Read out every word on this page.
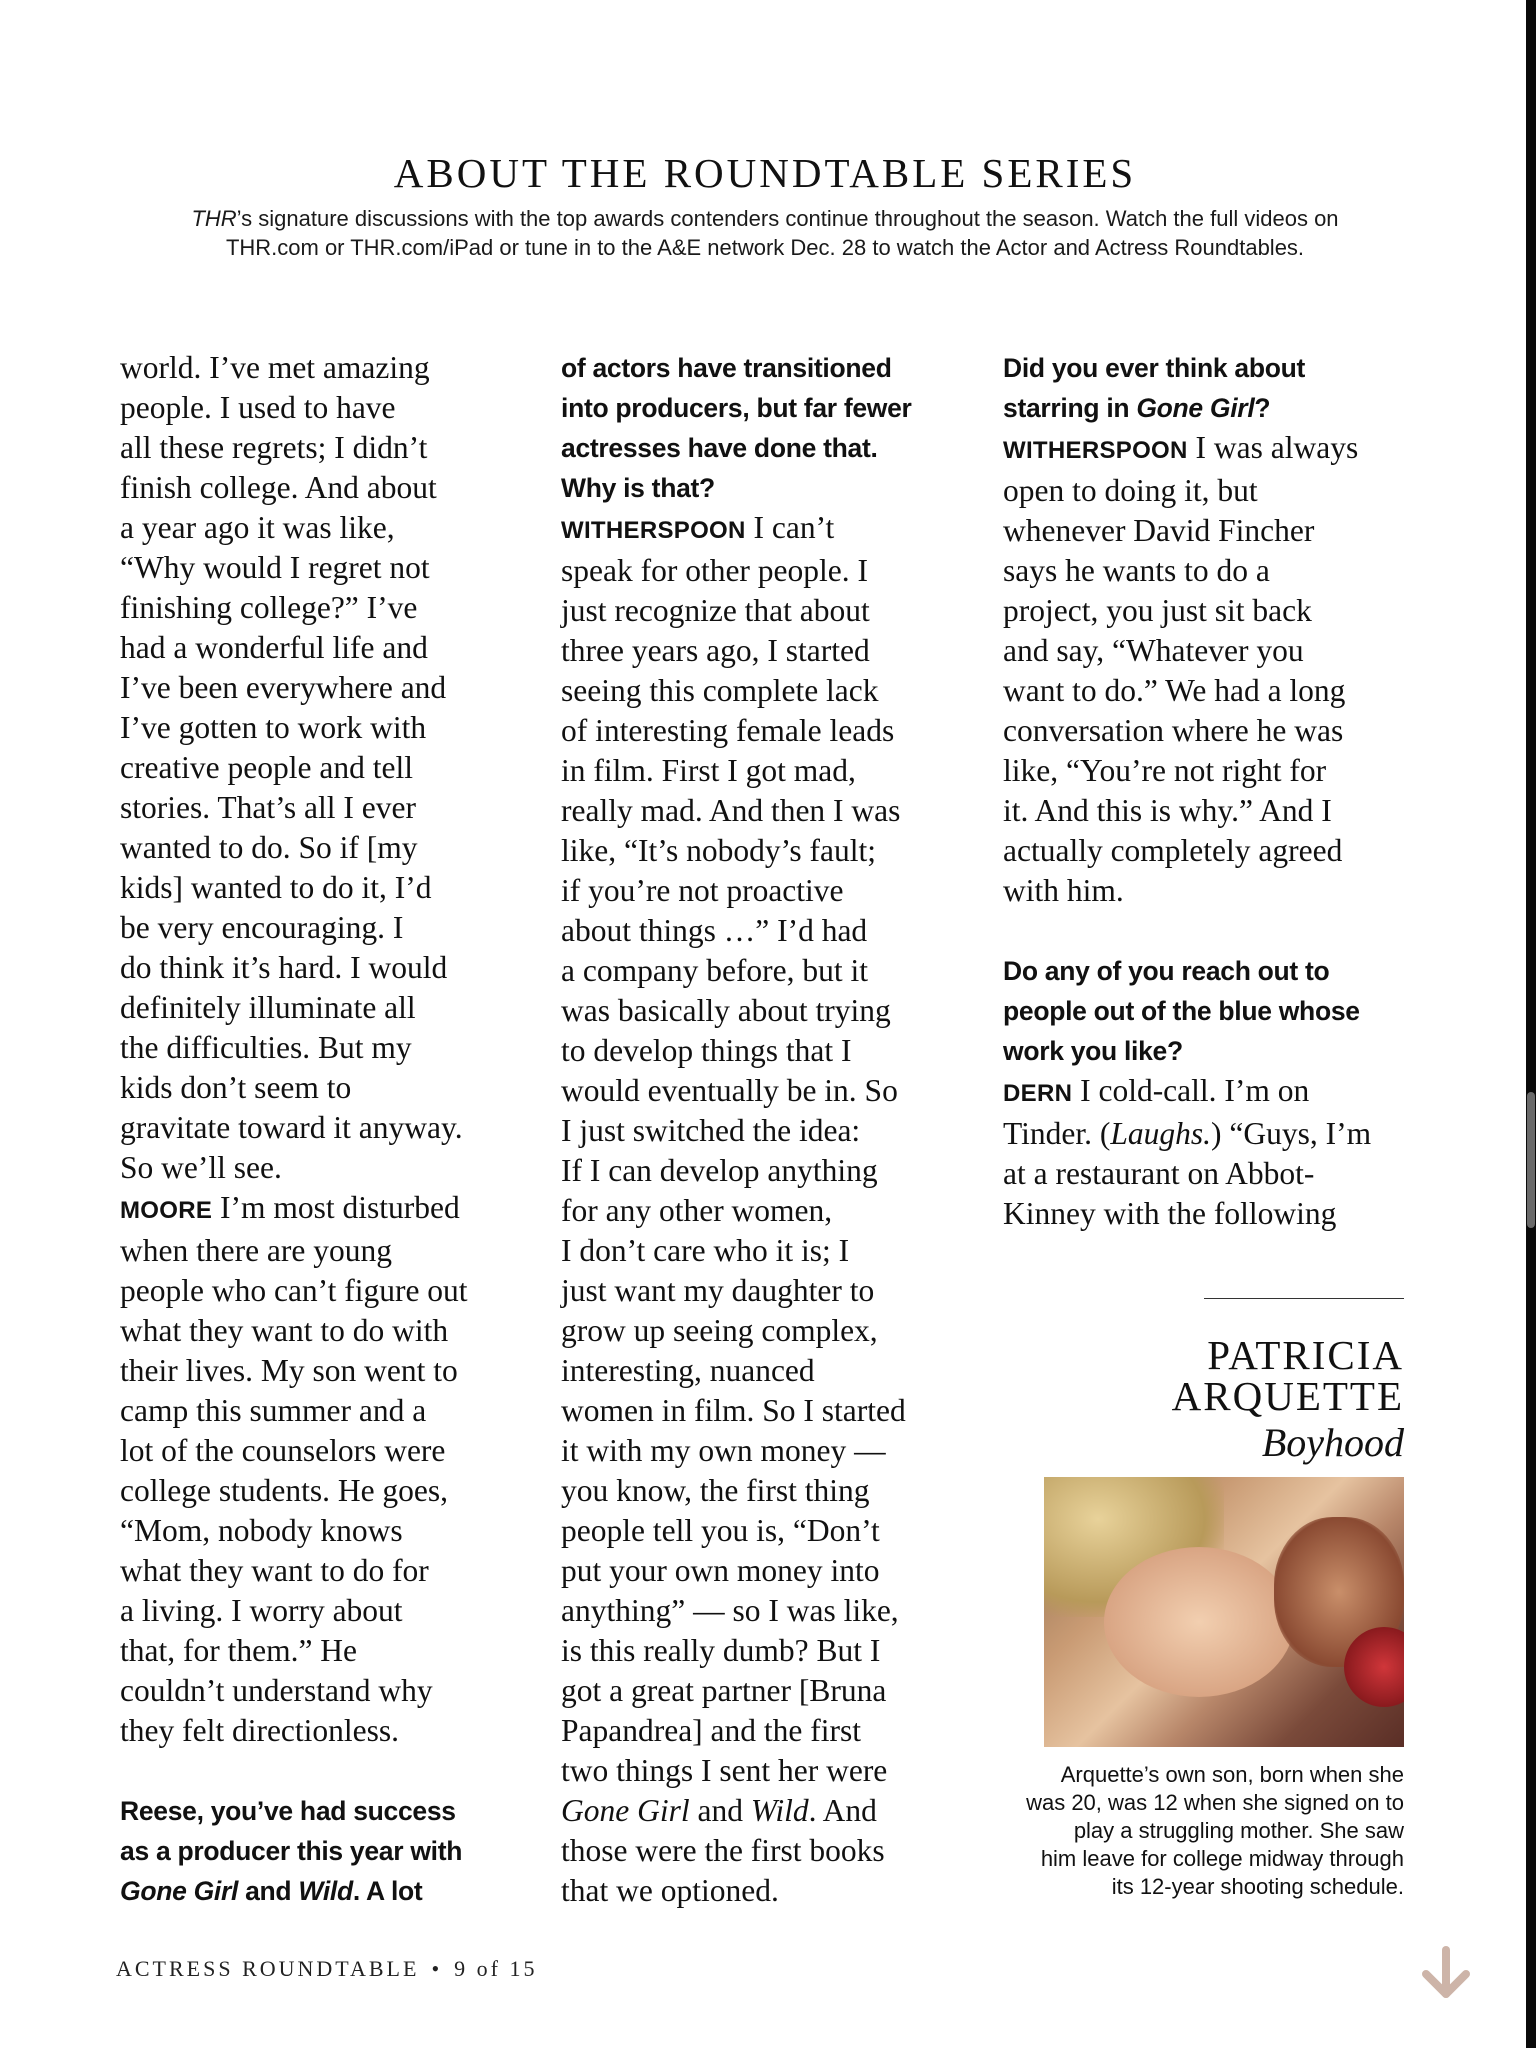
ABOUT THE ROUNDTABLE SERIES

THR’s signature discussions with the top awards contenders continue throughout the season. Watch the full videos on
THR.com or THR.com/iPad or tune in to the A&E network Dec. 28 to watch the Actor and Actress Roundtables.

world. I’ve met amazing
people. I used to have
all these regrets; I didn’t
finish college. And about
a year ago it was like,
“Why would I regret not
finishing college?” I’ve
had a wonderful life and
I’ve been everywhere and
I’ve gotten to work with
creative people and tell
stories. That’s all I ever
wanted to do. So if [my
kids] wanted to do it, I’d
be very encouraging. I
do think it’s hard. I would
definitely illuminate all
the difficulties. But my
kids don’t seem to
gravitate toward it anyway.
So we’ll see.
MOORE I’m most disturbed
when there are young
people who can’t figure out
what they want to do with
their lives. My son went to
camp this summer and a
lot of the counselors were
college students. He goes,
“Mom, nobody knows
what they want to do for
a living. I worry about
that, for them.” He
couldn’t understand why
they felt directionless.
Reese, you’ve had success
as a producer this year with
Gone Girl and Wild. A lot
of actors have transitioned
into producers, but far fewer
actresses have done that.
Why is that?
WITHERSPOON I can’t
speak for other people. I
just recognize that about
three years ago, I started
seeing this complete lack
of interesting female leads
in film. First I got mad,
really mad. And then I was
like, “It’s nobody’s fault;
if you’re not proactive
about things …” I’d had
a company before, but it
was basically about trying
to develop things that I
would eventually be in. So
I just switched the idea:
If I can develop anything
for any other women,
I don’t care who it is; I
just want my daughter to
grow up seeing complex,
interesting, nuanced
women in film. So I started
it with my own money —
you know, the first thing
people tell you is, “Don’t
put your own money into
anything” — so I was like,
is this really dumb? But I
got a great partner [Bruna
Papandrea] and the first
two things I sent her were
Gone Girl and Wild. And
those were the first books
that we optioned.
Did you ever think about
starring in Gone Girl?
WITHERSPOON I was always
open to doing it, but
whenever David Fincher
says he wants to do a
project, you just sit back
and say, “Whatever you
want to do.” We had a long
conversation where he was
like, “You’re not right for
it. And this is why.” And I
actually completely agreed
with him.
Do any of you reach out to
people out of the blue whose
work you like?
DERN I cold-call. I’m on
Tinder. (Laughs.) “Guys, I’m
at a restaurant on Abbot-
Kinney with the following
PATRICIA
ARQUETTE
Boyhood
Arquette’s own son, born when she
was 20, was 12 when she signed on to
play a struggling mother. She saw
him leave for college midway through
its 12-year shooting schedule.
ACTRESS ROUNDTABLE • 9 of 15
